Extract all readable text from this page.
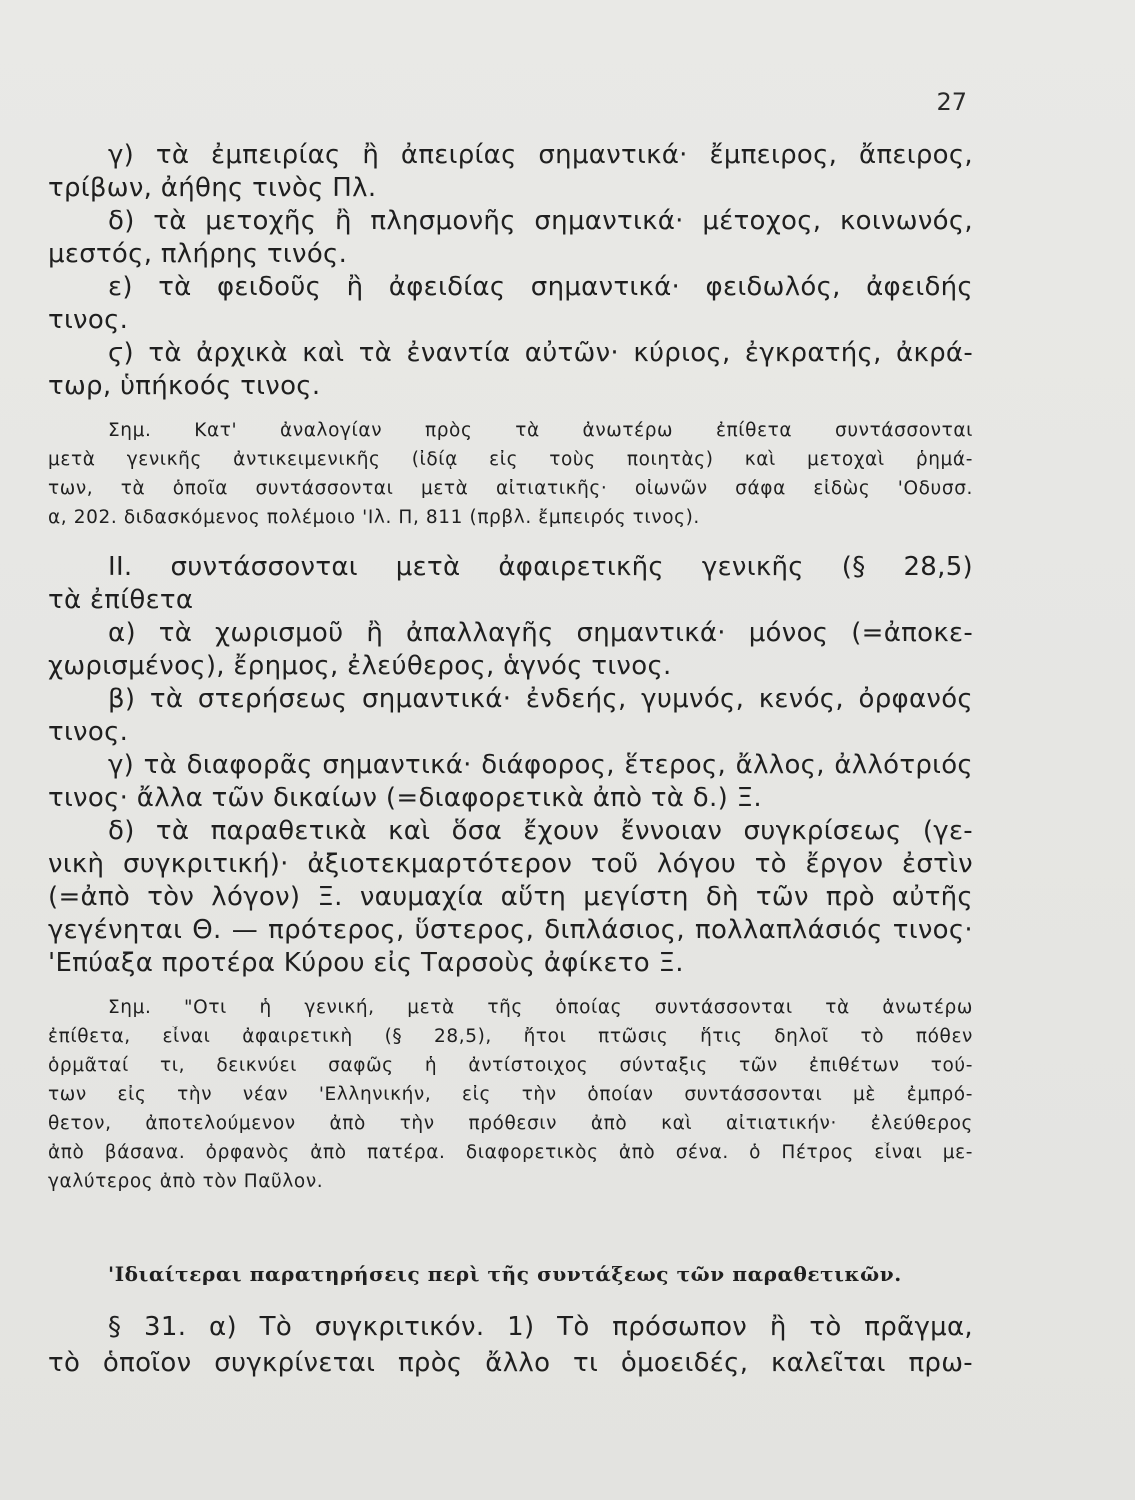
27
γ) τὰ ἐμπειρίας ἢ ἀπειρίας σημαντικά· ἔμπειρος, ἄπειρος,
τρίβων, ἀήθης τινὸς Πλ.
δ) τὰ μετοχῆς ἢ πλησμονῆς σημαντικά· μέτοχος, κοινωνός,
μεστός, πλήρης τινός.
ε) τὰ φειδοῦς ἢ ἀφειδίας σημαντικά· φειδωλός, ἀφειδής
τινος.
ϛ) τὰ ἀρχικὰ καὶ τὰ ἐναντία αὐτῶν· κύριος, ἐγκρατής, ἀκρά-
τωρ, ὑπήκοός τινος.
Σημ. Κατ' ἀναλογίαν πρὸς τὰ ἀνωτέρω ἐπίθετα συντάσσονται
μετὰ γενικῆς ἀντικειμενικῆς (ἰδίᾳ εἰς τοὺς ποιητὰς) καὶ μετοχαὶ ῥημά-
των, τὰ ὁποῖα συντάσσονται μετὰ αἰτιατικῆς· οἰωνῶν σάφα εἰδὼς 'Οδυσσ.
α, 202. διδασκόμενος πολέμοιο 'Ιλ. Π, 811 (πρβλ. ἔμπειρός τινος).
ΙΙ. συντάσσονται μετὰ ἀφαιρετικῆς γενικῆς (§ 28,5)
τὰ ἐπίθετα
α) τὰ χωρισμοῦ ἢ ἀπαλλαγῆς σημαντικά· μόνος (=ἀποκε-
χωρισμένος), ἔρημος, ἐλεύθερος, ἁγνός τινος.
β) τὰ στερήσεως σημαντικά· ἐνδεής, γυμνός, κενός, ὀρφανός
τινος.
γ) τὰ διαφορᾶς σημαντικά· διάφορος, ἕτερος, ἄλλος, ἀλλότριός
τινος· ἄλλα τῶν δικαίων (=διαφορετικὰ ἀπὸ τὰ δ.) Ξ.
δ) τὰ παραθετικὰ καὶ ὅσα ἔχουν ἔννοιαν συγκρίσεως (γε-
νικὴ συγκριτική)· ἀξιοτεκμαρτότερον τοῦ λόγου τὸ ἔργον ἐστὶν
(=ἀπὸ τὸν λόγον) Ξ. ναυμαχία αὕτη μεγίστη δὴ τῶν πρὸ αὐτῆς
γεγένηται Θ. — πρότερος, ὕστερος, διπλάσιος, πολλαπλάσιός τινος·
'Επύαξα προτέρα Κύρου εἰς Ταρσοὺς ἀφίκετο Ξ.
Σημ. "Οτι ἡ γενική, μετὰ τῆς ὁποίας συντάσσονται τὰ ἀνωτέρω
ἐπίθετα, εἶναι ἀφαιρετικὴ (§ 28,5), ἤτοι πτῶσις ἥτις δηλοῖ τὸ πόθεν
ὁρμᾶταί τι, δεικνύει σαφῶς ἡ ἀντίστοιχος σύνταξις τῶν ἐπιθέτων τού-
των εἰς τὴν νέαν 'Ελληνικήν, εἰς τὴν ὁποίαν συντάσσονται μὲ ἐμπρό-
θετον, ἀποτελούμενον ἀπὸ τὴν πρόθεσιν ἀπὸ καὶ αἰτιατικήν· ἐλεύθερος
ἀπὸ βάσανα. ὀρφανὸς ἀπὸ πατέρα. διαφορετικὸς ἀπὸ σένα. ὁ Πέτρος εἶναι με-
γαλύτερος ἀπὸ τὸν Παῦλον.
'Ιδιαίτεραι παρατηρήσεις περὶ τῆς συντάξεως τῶν παραθετικῶν.
§ 31. α) Τὸ συγκριτικόν. 1) Τὸ πρόσωπον ἢ τὸ πρᾶγμα,
τὸ ὁποῖον συγκρίνεται πρὸς ἄλλο τι ὁμοειδές, καλεῖται πρω-
